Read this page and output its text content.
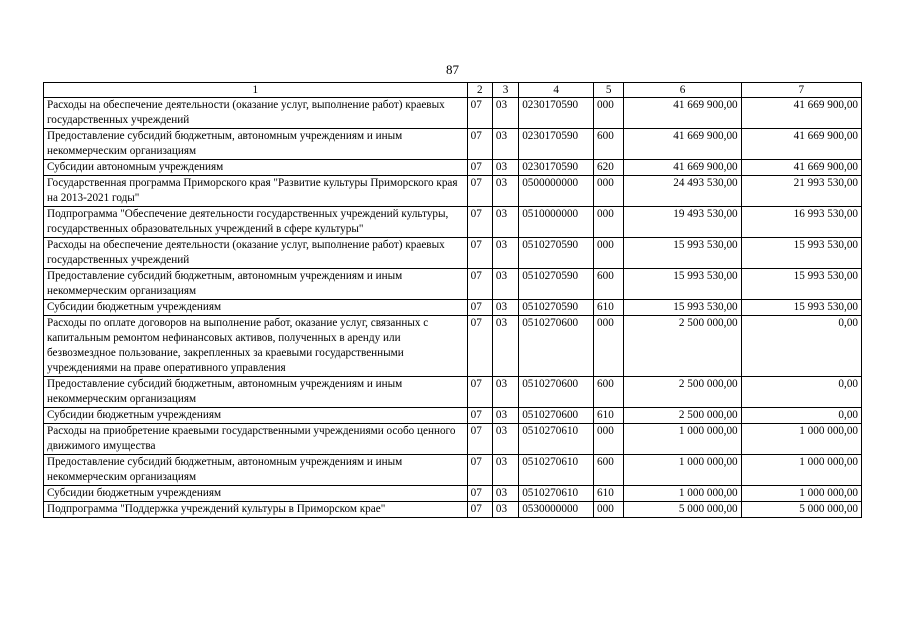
87
1	2	3	4	5	6	7
Расходы на обеспечение деятельности (оказание услуг, выполнение работ) краевых государственных учреждений	07	03	0230170590	000	41 669 900,00	41 669 900,00
Предоставление субсидий бюджетным, автономным учреждениям и иным некоммерческим организациям	07	03	0230170590	600	41 669 900,00	41 669 900,00
Субсидии автономным учреждениям	07	03	0230170590	620	41 669 900,00	41 669 900,00
Государственная программа Приморского края "Развитие культуры Приморского края на 2013-2021 годы"	07	03	0500000000	000	24 493 530,00	21 993 530,00
Подпрограмма "Обеспечение деятельности государственных учреждений культуры, государственных образовательных учреждений в сфере культуры"	07	03	0510000000	000	19 493 530,00	16 993 530,00
Расходы на обеспечение деятельности (оказание услуг, выполнение работ) краевых государственных учреждений	07	03	0510270590	000	15 993 530,00	15 993 530,00
Предоставление субсидий бюджетным, автономным учреждениям и иным некоммерческим организациям	07	03	0510270590	600	15 993 530,00	15 993 530,00
Субсидии бюджетным учреждениям	07	03	0510270590	610	15 993 530,00	15 993 530,00
Расходы по оплате договоров на выполнение работ, оказание услуг, связанных с капитальным ремонтом нефинансовых активов, полученных в аренду или безвозмездное пользование, закрепленных за краевыми государственными учреждениями на праве оперативного управления	07	03	0510270600	000	2 500 000,00	0,00
Предоставление субсидий бюджетным, автономным учреждениям и иным некоммерческим организациям	07	03	0510270600	600	2 500 000,00	0,00
Субсидии бюджетным учреждениям	07	03	0510270600	610	2 500 000,00	0,00
Расходы на приобретение краевыми государственными учреждениями особо ценного движимого имущества	07	03	0510270610	000	1 000 000,00	1 000 000,00
Предоставление субсидий бюджетным, автономным учреждениям и иным некоммерческим организациям	07	03	0510270610	600	1 000 000,00	1 000 000,00
Субсидии бюджетным учреждениям	07	03	0510270610	610	1 000 000,00	1 000 000,00
Подпрограмма "Поддержка учреждений культуры в Приморском крае"	07	03	0530000000	000	5 000 000,00	5 000 000,00
